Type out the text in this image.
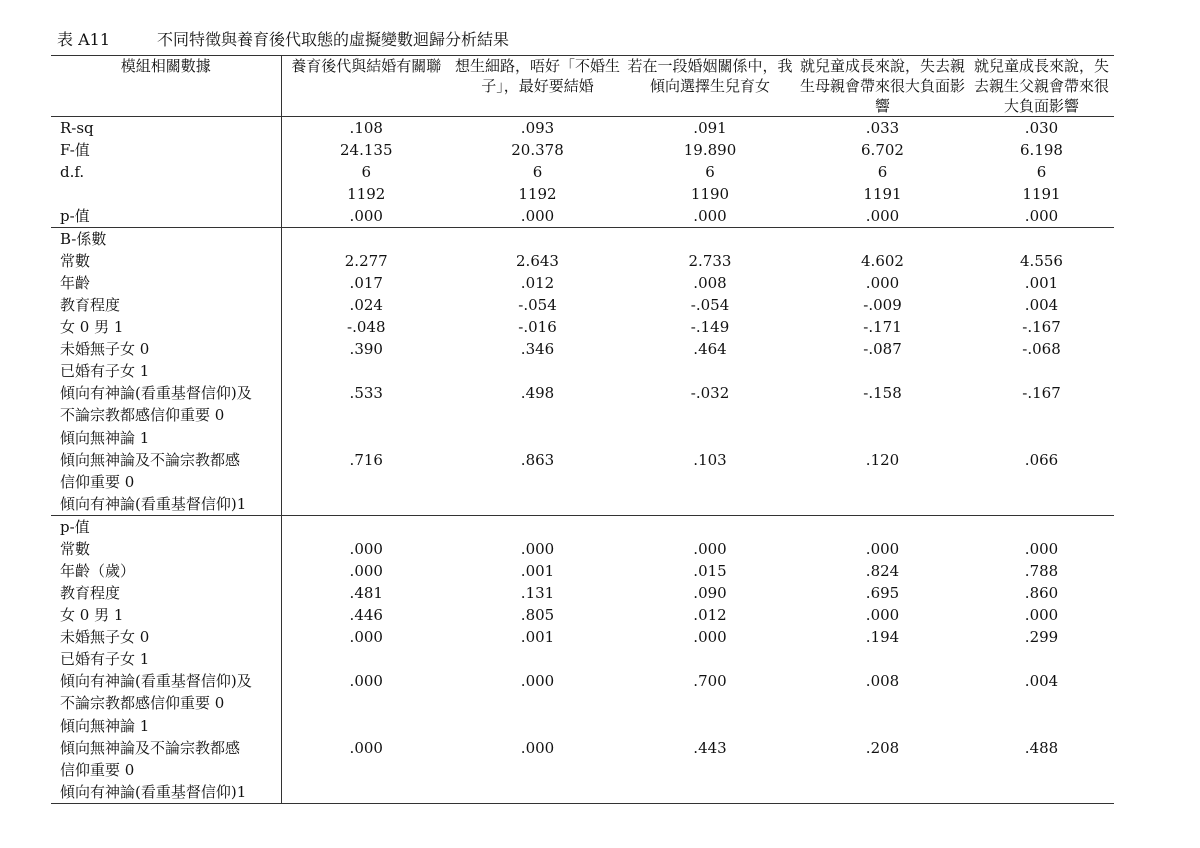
表 A11	不同特徵與養育後代取態的虛擬變數迴歸分析結果
模組相關數據	養育後代與結婚有關聯	想生細路，唔好「不婚生子」，最好要結婚	若在一段婚姻關係中，我傾向選擇生兒育女	就兒童成長來說，失去親生母親會帶來很大負面影響	就兒童成長來說，失去親生父親會帶來很大負面影響
R-sq	.108	.093	.091	.033	.030
F-值	24.135	20.378	19.890	6.702	6.198
d.f.	6	6	6	6	6
	1192	1192	1190	1191	1191
p-值	.000	.000	.000	.000	.000
B-係數					
常數	2.277	2.643	2.733	4.602	4.556
年齡	.017	.012	.008	.000	.001
教育程度	.024	-.054	-.054	-.009	.004
女 0 男 1	-.048	-.016	-.149	-.171	-.167
未婚無子女 0	.390	.346	.464	-.087	-.068
已婚有子女 1					
傾向有神論(看重基督信仰)及	.533	.498	-.032	-.158	-.167
不論宗教都感信仰重要 0					
傾向無神論 1					
傾向無神論及不論宗教都感	.716	.863	.103	.120	.066
信仰重要 0					
傾向有神論(看重基督信仰)1					
p-值					
常數	.000	.000	.000	.000	.000
年齡（歲）	.000	.001	.015	.824	.788
教育程度	.481	.131	.090	.695	.860
女 0 男 1	.446	.805	.012	.000	.000
未婚無子女 0	.000	.001	.000	.194	.299
已婚有子女 1					
傾向有神論(看重基督信仰)及	.000	.000	.700	.008	.004
不論宗教都感信仰重要 0					
傾向無神論 1					
傾向無神論及不論宗教都感	.000	.000	.443	.208	.488
信仰重要 0					
傾向有神論(看重基督信仰)1					
